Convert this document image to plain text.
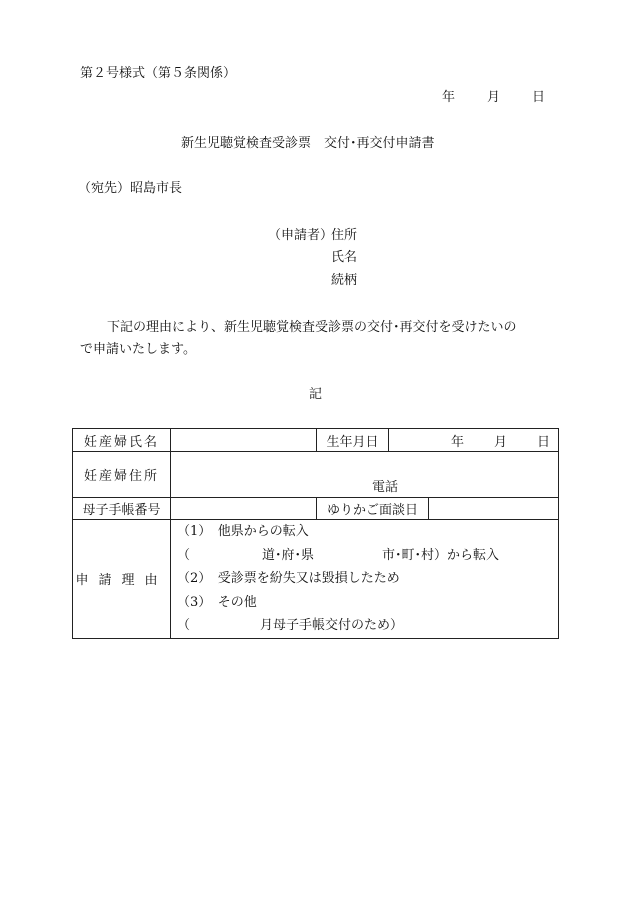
第２号様式（第５条関係）
年 月 日
新生児聴覚検査受診票　交付･再交付申請書
（宛先）昭島市長
（申請者）
住所
氏名
続柄
下記の理由により、新生児聴覚検査受診票の交付･再交付を受けたいの
で申請いたします。
記
妊産婦氏名		生年月日	年 月 日	

妊産婦住所	電話			

母子手帳番号		ゆりかご面談日		
申請理由	（1）　他県からの転入
（ 道･府･県 市･町･村）から転入
（2）　受診票を紛失又は毀損したため
（3）　その他
（ 月母子手帳交付のため）			
